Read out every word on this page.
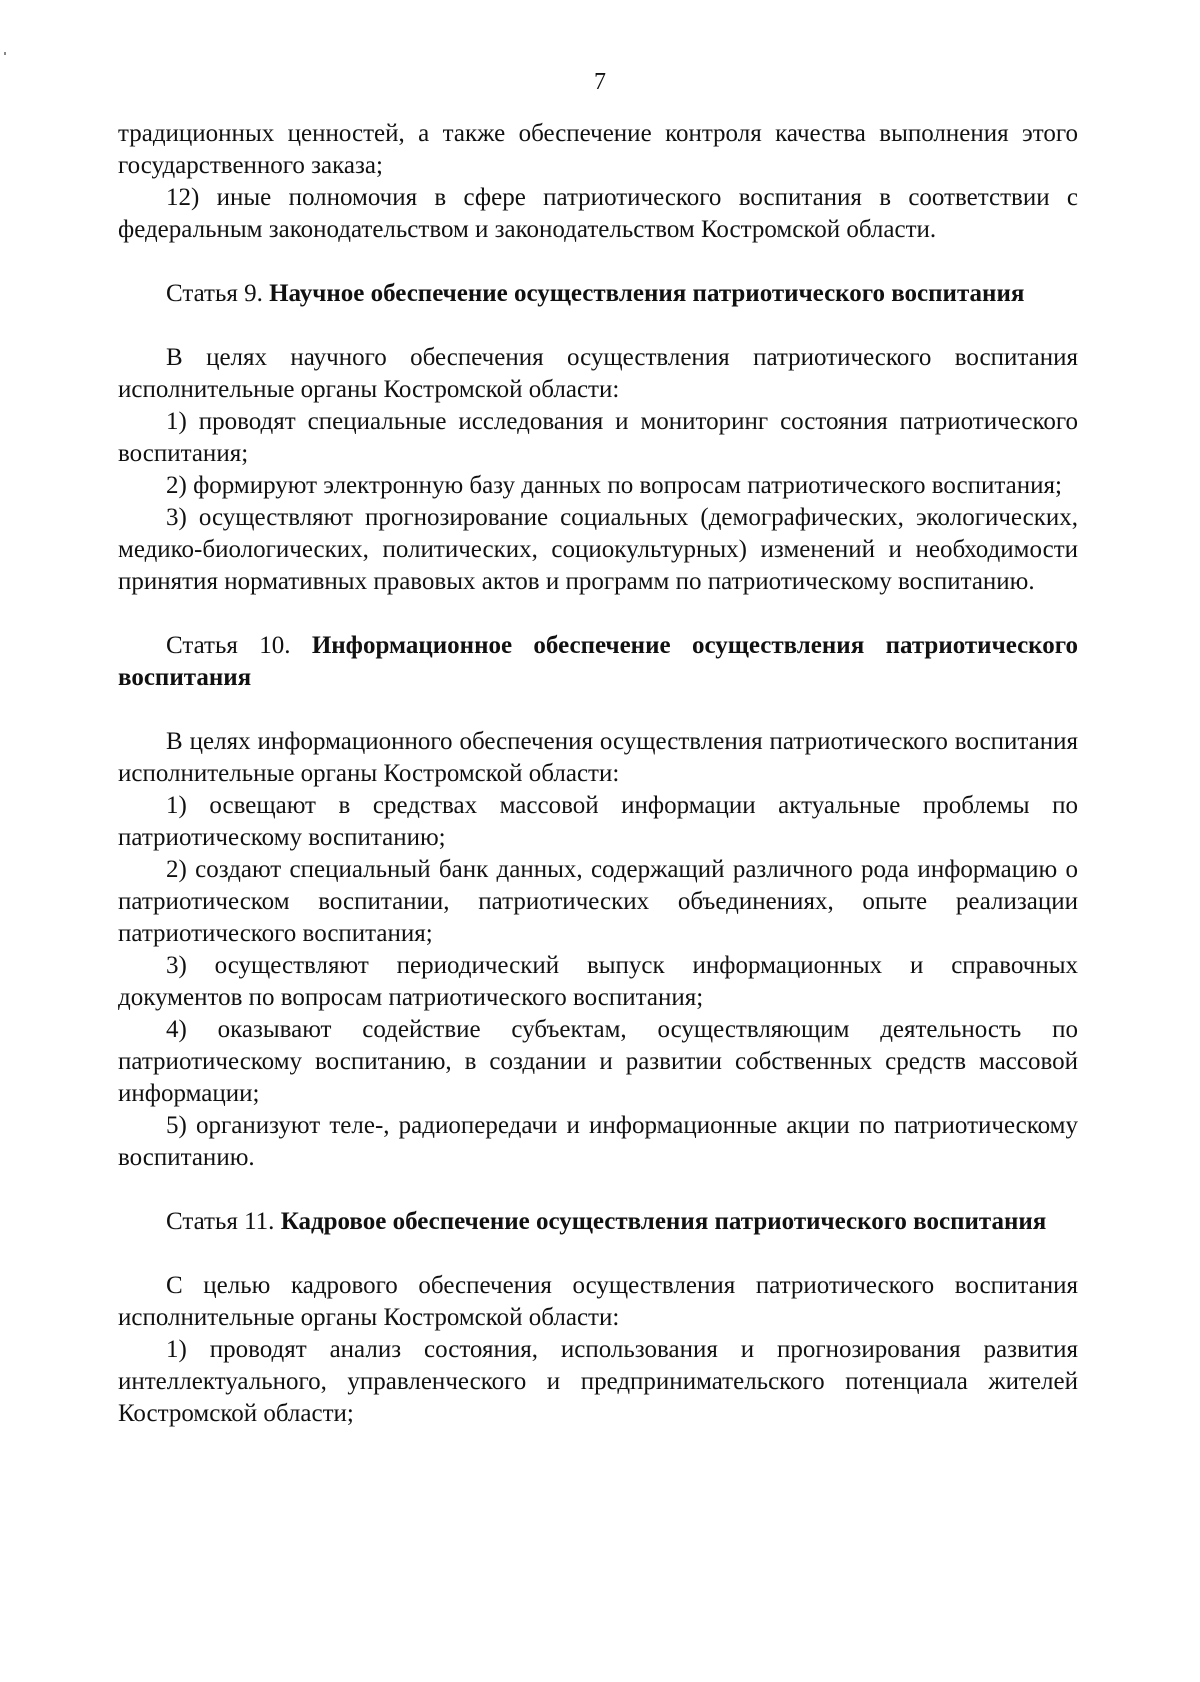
7

традиционных ценностей, а также обеспечение контроля качества выполнения этого государственного заказа;

12) иные полномочия в сфере патриотического воспитания в соответствии с федеральным законодательством и законодательством Костромской области.

Статья 9. Научное обеспечение осуществления патриотического воспитания

В целях научного обеспечения осуществления патриотического воспитания исполнительные органы Костромской области:

1) проводят специальные исследования и мониторинг состояния патриотического воспитания;

2) формируют электронную базу данных по вопросам патриотического воспитания;

3) осуществляют прогнозирование социальных (демографических, экологических, медико-биологических, политических, социокультурных) изменений и необходимости принятия нормативных правовых актов и программ по патриотическому воспитанию.

Статья 10. Информационное обеспечение осуществления патриотического воспитания

В целях информационного обеспечения осуществления патриотического воспитания исполнительные органы Костромской области:

1) освещают в средствах массовой информации актуальные проблемы по патриотическому воспитанию;

2) создают специальный банк данных, содержащий различного рода информацию о патриотическом воспитании, патриотических объединениях, опыте реализации патриотического воспитания;

3) осуществляют периодический выпуск информационных и справочных документов по вопросам патриотического воспитания;

4) оказывают содействие субъектам, осуществляющим деятельность по патриотическому воспитанию, в создании и развитии собственных средств массовой информации;

5) организуют теле-, радиопередачи и информационные акции по патриотическому воспитанию.

Статья 11. Кадровое обеспечение осуществления патриотического воспитания

С целью кадрового обеспечения осуществления патриотического воспитания исполнительные органы Костромской области:

1) проводят анализ состояния, использования и прогнозирования развития интеллектуального, управленческого и предпринимательского потенциала жителей Костромской области;
